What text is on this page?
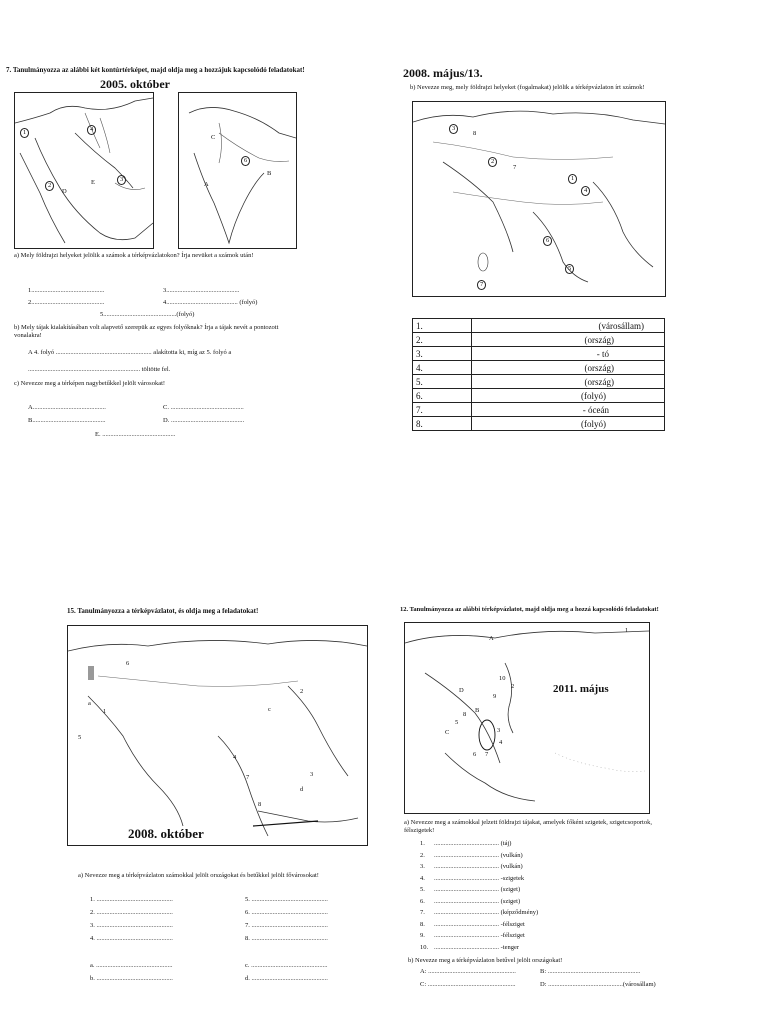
7. Tanulmányozza az alábbi két kontúrtérképet, majd oldja meg a hozzájuk kapcsolódó feladatokat!
2005. október
1	4
2
3
D
E
C
6
B
A
a) Mely földrajzi helyeket jelölik a számok a térképvázlatokon? Írja nevüket a számok után!
1.............................................	3.............................................
2.............................................	4............................................ (folyó)
5.............................................(folyó)
b) Mely tájak kialakításában volt alapvető szerepük az egyes folyóknak? Írja a tájak nevét a pontozott vonalakra!
A 4. folyó ........................................................... alakította ki, míg az 5. folyó a
..................................................................... töltötte fel.
c) Nevezze meg a térképen nagybetűkkel jelölt városokat!
A.............................................	C. .............................................
B.............................................	D. .............................................
E. .............................................
2008. május/13.
b) Nevezze meg, mely földrajzi helyeket (fogalmakat) jelölik a térképvázlaton írt számok!
3
8
2
7
1
4
6
5
7
1.	(városállam)
2.	(ország)
3.	- tó
4.	(ország)
5.	(ország)
6.	(folyó)
7.	- óceán
8.	(folyó)
15. Tanulmányozza a térképvázlatot, és oldja meg a feladatokat!
6
a
1
5
2
c
4
7
8
d
3
2008. október
a) Nevezze meg a térképvázlaton számokkal jelölt országokat és betűkkel jelölt fővárosokat!
1. ...............................................	5. ...............................................
2. ...............................................	6. ...............................................
3. ...............................................	7. ...............................................
4. ...............................................	8. ...............................................
a. ...............................................	c. ...............................................
b. ...............................................	d. ...............................................
12. Tanulmányozza az alábbi térképvázlatot, majd oldja meg a hozzá kapcsolódó feladatokat!
A
1
D
10
2
9
B
8
5
C	3
4
7
6
2011. május
a) Nevezze meg a számokkal jelzett földrajzi tájakat, amelyek főként szigetek, szigetcsoportok, félszigetek!
1. ........................................ (táj)
2. ........................................ (vulkán)
3. ........................................ (vulkán)
4. ........................................ -szigetek
5. ........................................ (sziget)
6. ........................................ (sziget)
7. ........................................ (képződmény)
8. ........................................ -félsziget
9. ........................................ -félsziget
10. ........................................ -tenger
b) Nevezze meg a térképvázlaton betűvel jelölt országokat!
A: ......................................................	B: .........................................................
C: ......................................................	D: ..............................................(városállam)
